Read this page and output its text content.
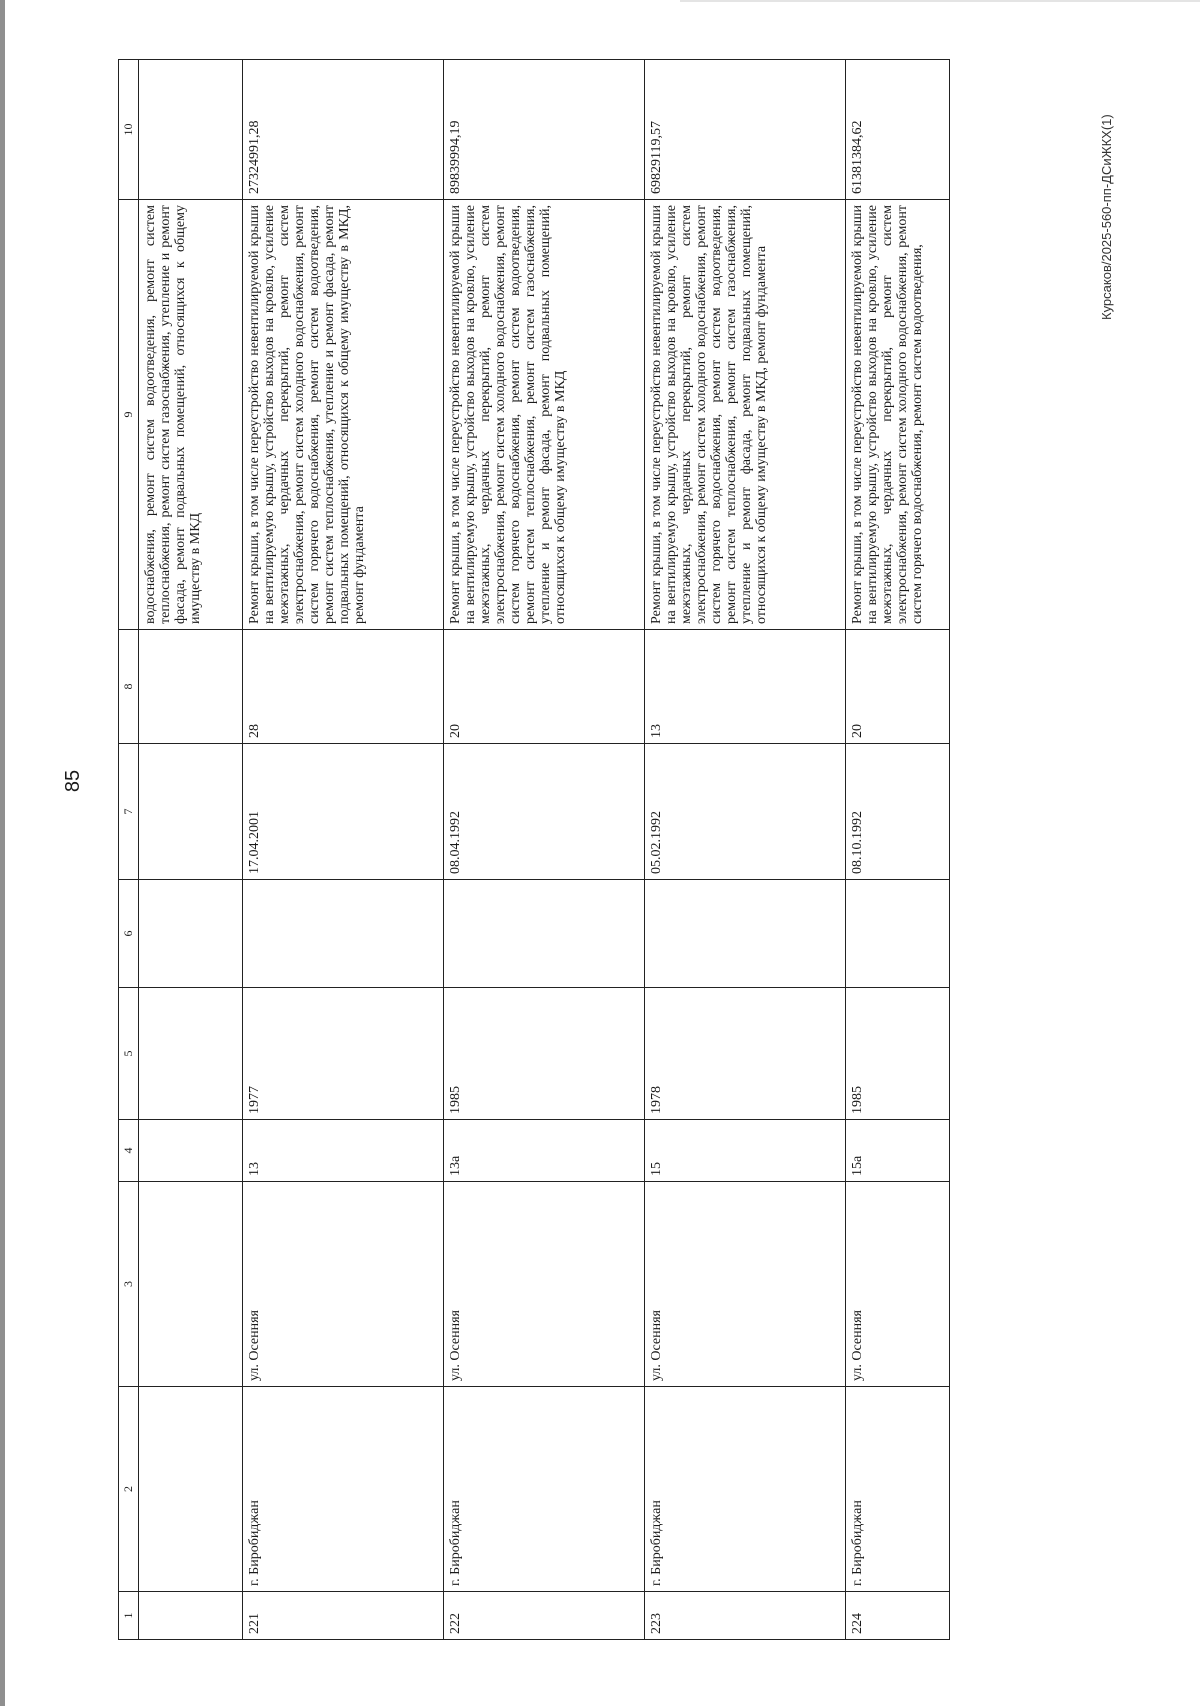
85
Курсаков/2025-560-пп-ДСиЖКХ(1)
1	2	3	4	5	6	7	8	9	10
								водоснабжения, ремонт систем водоотведения, ремонт систем теплоснабжения, ремонт систем газоснабжения, утепление и ремонт фасада, ремонт подвальных помещений, относящихся к общему имуществу в МКД	
221	г. Биробиджан	ул. Осенняя	13	1977		17.04.2001	28	Ремонт крыши, в том числе переустройство невентилируемой крыши на вентилируемую крышу, устройство выходов на кровлю, усиление межэтажных, чердачных перекрытий, ремонт систем электроснабжения, ремонт систем холодного водоснабжения, ремонт систем горячего водоснабжения, ремонт систем водоотведения, ремонт систем теплоснабжения, утепление и ремонт фасада, ремонт подвальных помещений, относящихся к общему имуществу в МКД, ремонт фундамента	27324991,28
222	г. Биробиджан	ул. Осенняя	13а	1985		08.04.1992	20	Ремонт крыши, в том числе переустройство невентилируемой крыши на вентилируемую крышу, устройство выходов на кровлю, усиление межэтажных, чердачных перекрытий, ремонт систем электроснабжения, ремонт систем холодного водоснабжения, ремонт систем горячего водоснабжения, ремонт систем водоотведения, ремонт систем теплоснабжения, ремонт систем газоснабжения, утепление и ремонт фасада, ремонт подвальных помещений, относящихся к общему имуществу в МКД	89839994,19
223	г. Биробиджан	ул. Осенняя	15	1978		05.02.1992	13	Ремонт крыши, в том числе переустройство невентилируемой крыши на вентилируемую крышу, устройство выходов на кровлю, усиление межэтажных, чердачных перекрытий, ремонт систем электроснабжения, ремонт систем холодного водоснабжения, ремонт систем горячего водоснабжения, ремонт систем водоотведения, ремонт систем теплоснабжения, ремонт систем газоснабжения, утепление и ремонт фасада, ремонт подвальных помещений, относящихся к общему имуществу в МКД, ремонт фундамента	69829119,57
224	г. Биробиджан	ул. Осенняя	15а	1985		08.10.1992	20	Ремонт крыши, в том числе переустройство невентилируемой крыши на вентилируемую крышу, устройство выходов на кровлю, усиление межэтажных, чердачных перекрытий, ремонт систем электроснабжения, ремонт систем холодного водоснабжения, ремонт систем горячего водоснабжения, ремонт систем водоотведения,	61381384,62
